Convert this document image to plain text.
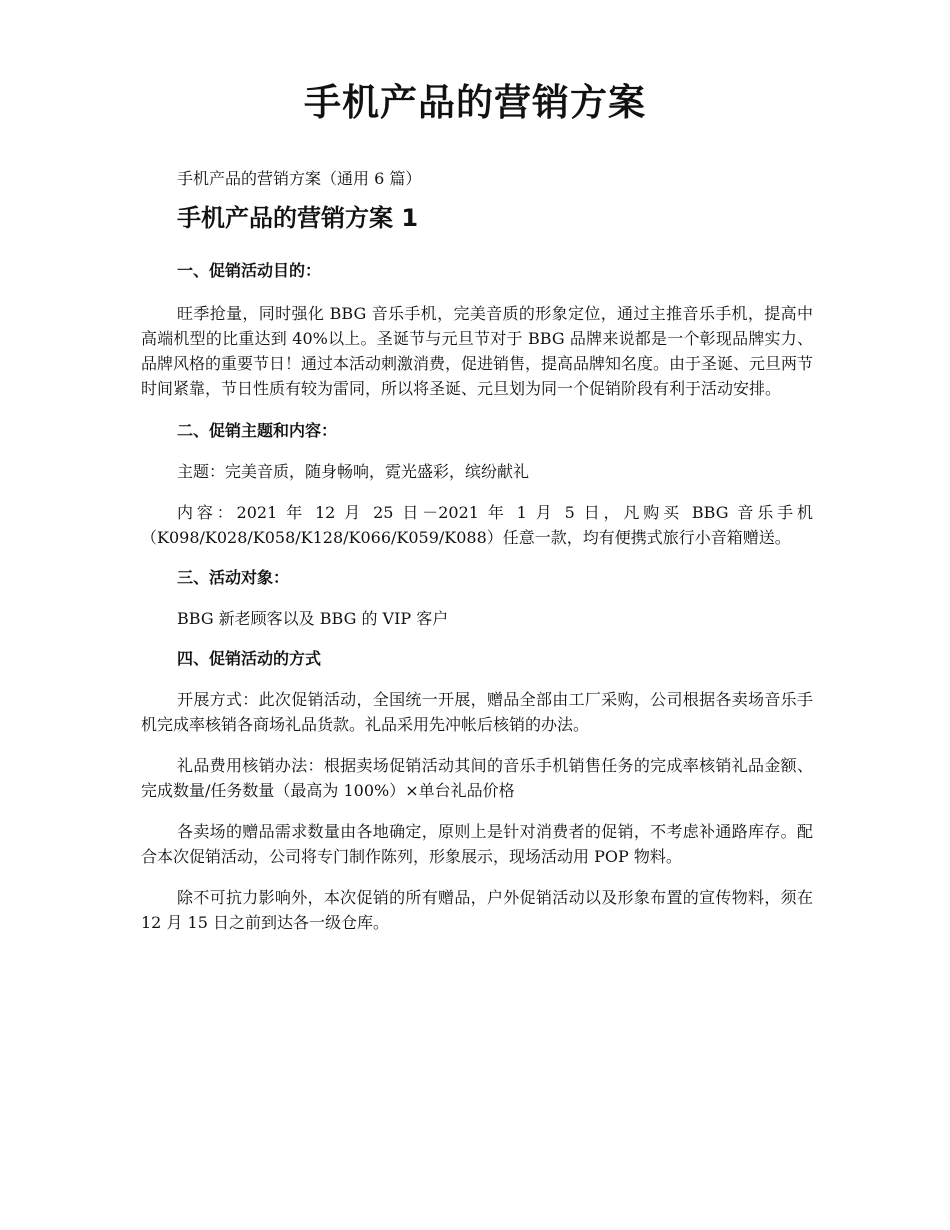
手机产品的营销方案

手机产品的营销方案（通用 6 篇）

手机产品的营销方案 1
一、促销活动目的：

旺季抢量，同时强化 BBG 音乐手机，完美音质的形象定位，通过主推音乐手机，提高中高端机型的比重达到 40%以上。圣诞节与元旦节对于 BBG 品牌来说都是一个彰现品牌实力、品牌风格的重要节日！通过本活动刺激消费，促进销售，提高品牌知名度。由于圣诞、元旦两节时间紧靠，节日性质有较为雷同，所以将圣诞、元旦划为同一个促销阶段有利于活动安排。

二、促销主题和内容：

主题：完美音质，随身畅响，霓光盛彩，缤纷献礼

内容：2021 年 12 月 25 日－2021 年 1 月 5 日，凡购买 BBG 音乐手机（K098/K028/K058/K128/K066/K059/K088）任意一款，均有便携式旅行小音箱赠送。

三、活动对象：

BBG 新老顾客以及 BBG 的 VIP 客户

四、促销活动的方式

开展方式：此次促销活动，全国统一开展，赠品全部由工厂采购，公司根据各卖场音乐手机完成率核销各商场礼品货款。礼品采用先冲帐后核销的办法。

礼品费用核销办法：根据卖场促销活动其间的音乐手机销售任务的完成率核销礼品金额、完成数量/任务数量（最高为 100%）×单台礼品价格

各卖场的赠品需求数量由各地确定，原则上是针对消费者的促销，不考虑补通路库存。配合本次促销活动，公司将专门制作陈列，形象展示，现场活动用 POP 物料。

除不可抗力影响外，本次促销的所有赠品，户外促销活动以及形象布置的宣传物料，须在 12 月 15 日之前到达各一级仓库。
